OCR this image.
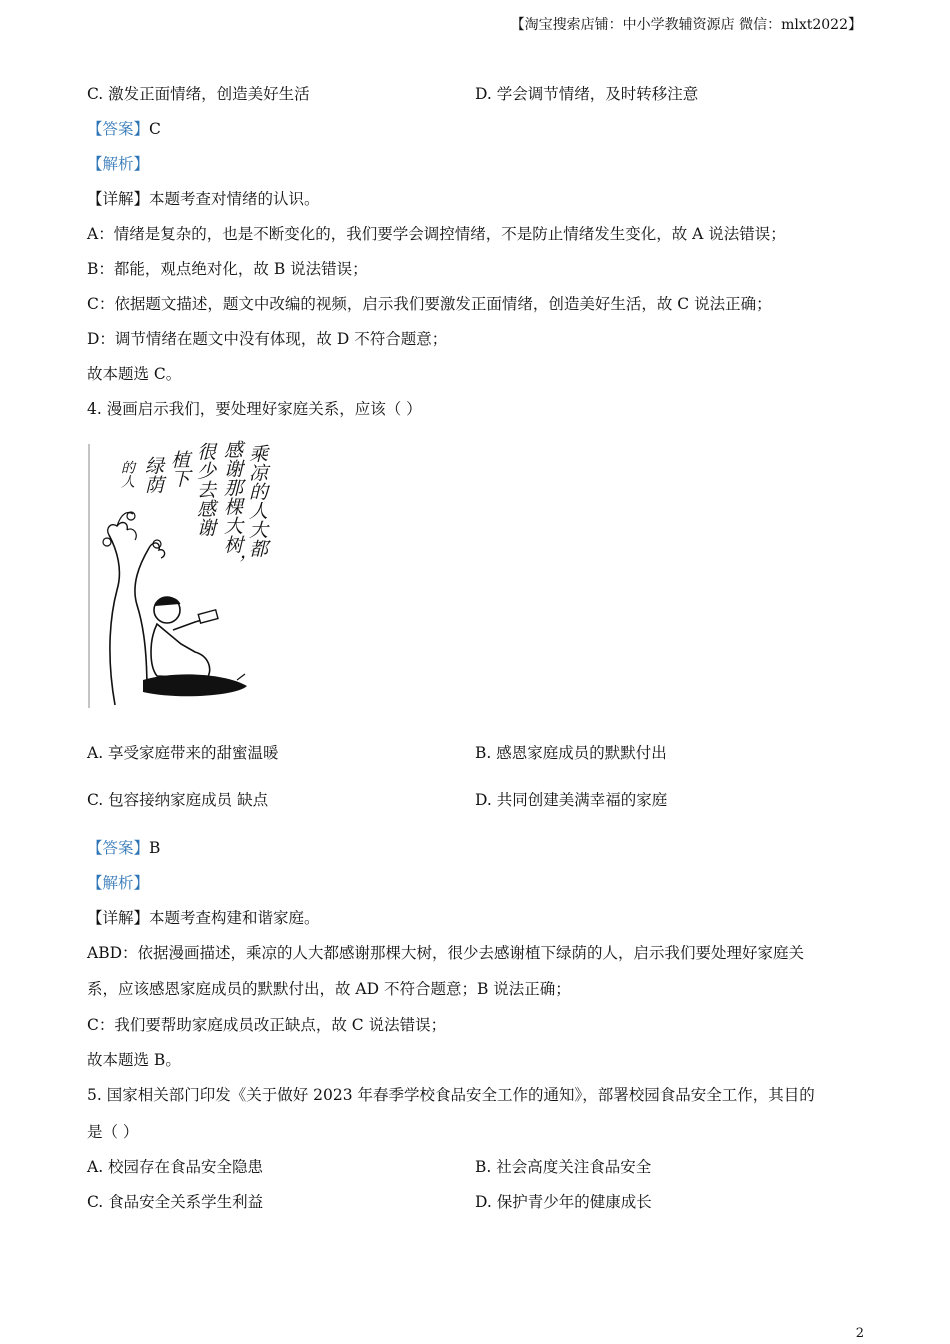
【淘宝搜索店铺：中小学教辅资源店 微信：mlxt2022】
C. 激发正面情绪，创造美好生活	D. 学会调节情绪，及时转移注意
【答案】C
【解析】
【详解】本题考查对情绪的认识。
A：情绪是复杂的，也是不断变化的，我们要学会调控情绪，不是防止情绪发生变化，故 A 说法错误；
B：都能，观点绝对化，故 B 说法错误；
C：依据题文描述，题文中改编的视频，启示我们要激发正面情绪，创造美好生活，故 C 说法正确；
D：调节情绪在题文中没有体现，故 D 不符合题意；
故本题选 C。
4. 漫画启示我们，要处理好家庭关系，应该（ ）
乘凉的人大都
感谢那棵大树，
很少去感谢
植下
绿荫
的人
A. 享受家庭带来的甜蜜温暖	B. 感恩家庭成员的默默付出
C. 包容接纳家庭成员 缺点	D. 共同创建美满幸福的家庭
【答案】B
【解析】
【详解】本题考查构建和谐家庭。
ABD：依据漫画描述，乘凉的人大都感谢那棵大树，很少去感谢植下绿荫的人，启示我们要处理好家庭关
系，应该感恩家庭成员的默默付出，故 AD 不符合题意；B 说法正确；
C：我们要帮助家庭成员改正缺点，故 C 说法错误；
故本题选 B。
5. 国家相关部门印发《关于做好 2023 年春季学校食品安全工作的通知》，部署校园食品安全工作，其目的
是（ ）
A. 校园存在食品安全隐患	B. 社会高度关注食品安全
C. 食品安全关系学生利益	D. 保护青少年的健康成长
2
